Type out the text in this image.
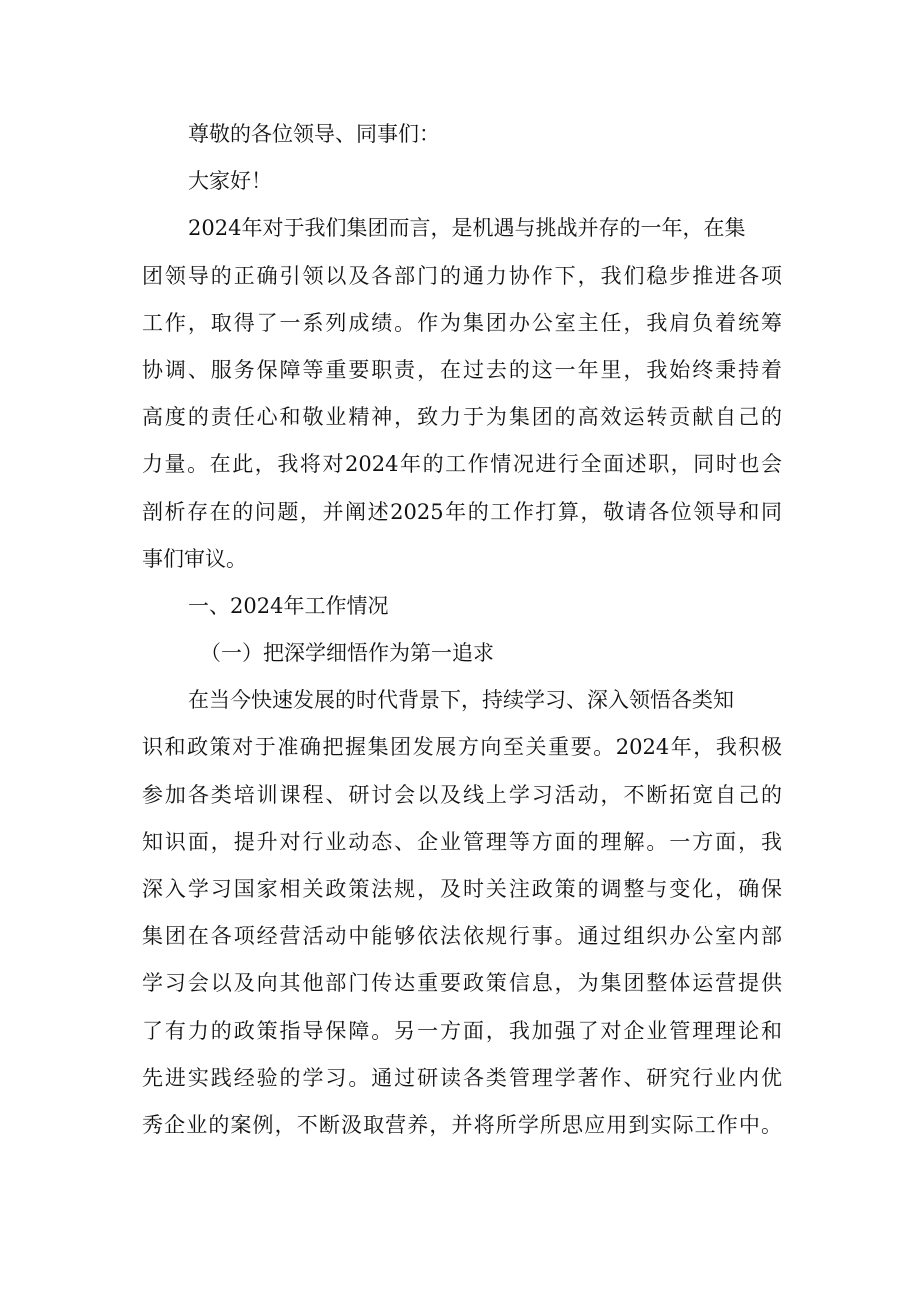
尊敬的各位领导、同事们：

大家好！

2024年对于我们集团而言，是机遇与挑战并存的一年，在集

团领导的正确引领以及各部门的通力协作下，我们稳步推进各项

工作，取得了一系列成绩。作为集团办公室主任，我肩负着统筹

协调、服务保障等重要职责，在过去的这一年里，我始终秉持着

高度的责任心和敬业精神，致力于为集团的高效运转贡献自己的

力量。在此，我将对2024年的工作情况进行全面述职，同时也会

剖析存在的问题，并阐述2025年的工作打算，敬请各位领导和同

事们审议。

一、2024年工作情况

（一）把深学细悟作为第一追求

在当今快速发展的时代背景下，持续学习、深入领悟各类知

识和政策对于准确把握集团发展方向至关重要。2024年，我积极

参加各类培训课程、研讨会以及线上学习活动，不断拓宽自己的

知识面，提升对行业动态、企业管理等方面的理解。一方面，我

深入学习国家相关政策法规，及时关注政策的调整与变化，确保

集团在各项经营活动中能够依法依规行事。通过组织办公室内部

学习会以及向其他部门传达重要政策信息，为集团整体运营提供

了有力的政策指导保障。另一方面，我加强了对企业管理理论和

先进实践经验的学习。通过研读各类管理学著作、研究行业内优

秀企业的案例，不断汲取营养，并将所学所思应用到实际工作中。
